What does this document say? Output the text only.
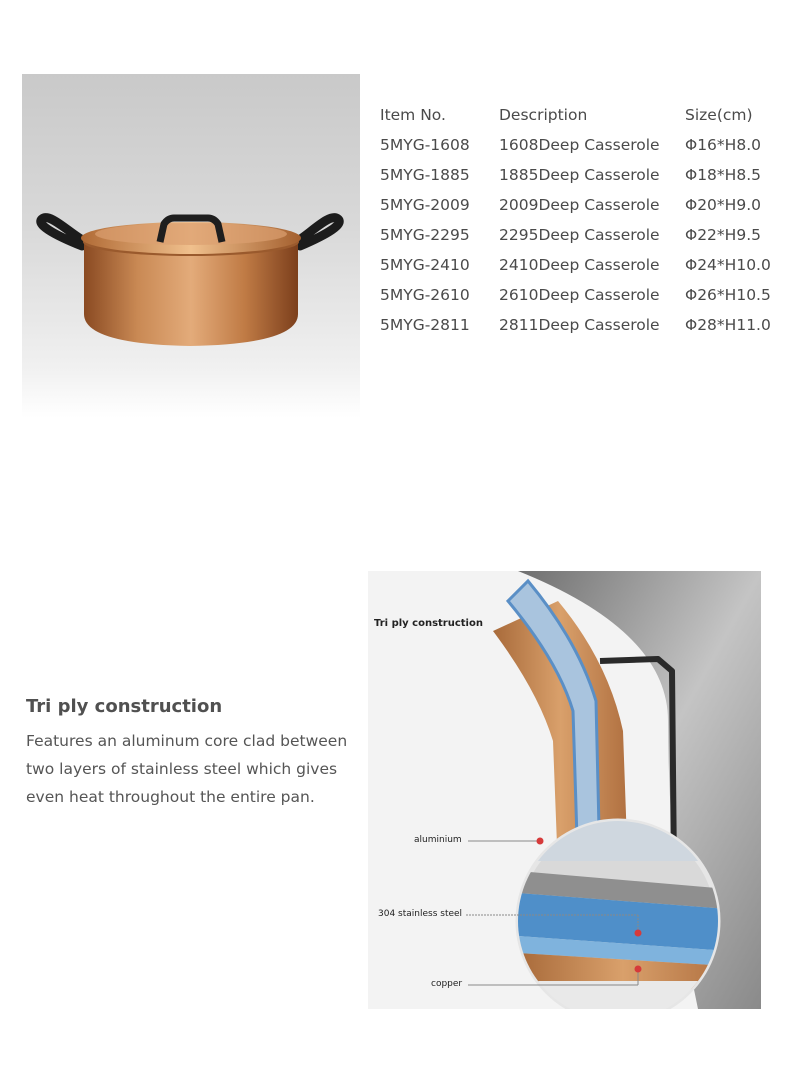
Item No.	Description	Size(cm)
5MYG-1608	1608Deep Casserole	Φ16*H8.0
5MYG-1885	1885Deep Casserole	Φ18*H8.5
5MYG-2009	2009Deep Casserole	Φ20*H9.0
5MYG-2295	2295Deep Casserole	Φ22*H9.5
5MYG-2410	2410Deep Casserole	Φ24*H10.0
5MYG-2610	2610Deep Casserole	Φ26*H10.5
5MYG-2811	2811Deep Casserole	Φ28*H11.0
Tri ply construction

Features an aluminum core clad between
two layers of stainless steel which gives
even heat throughout the entire pan.

Tri ply construction
aluminium
304 stainless steel
copper
